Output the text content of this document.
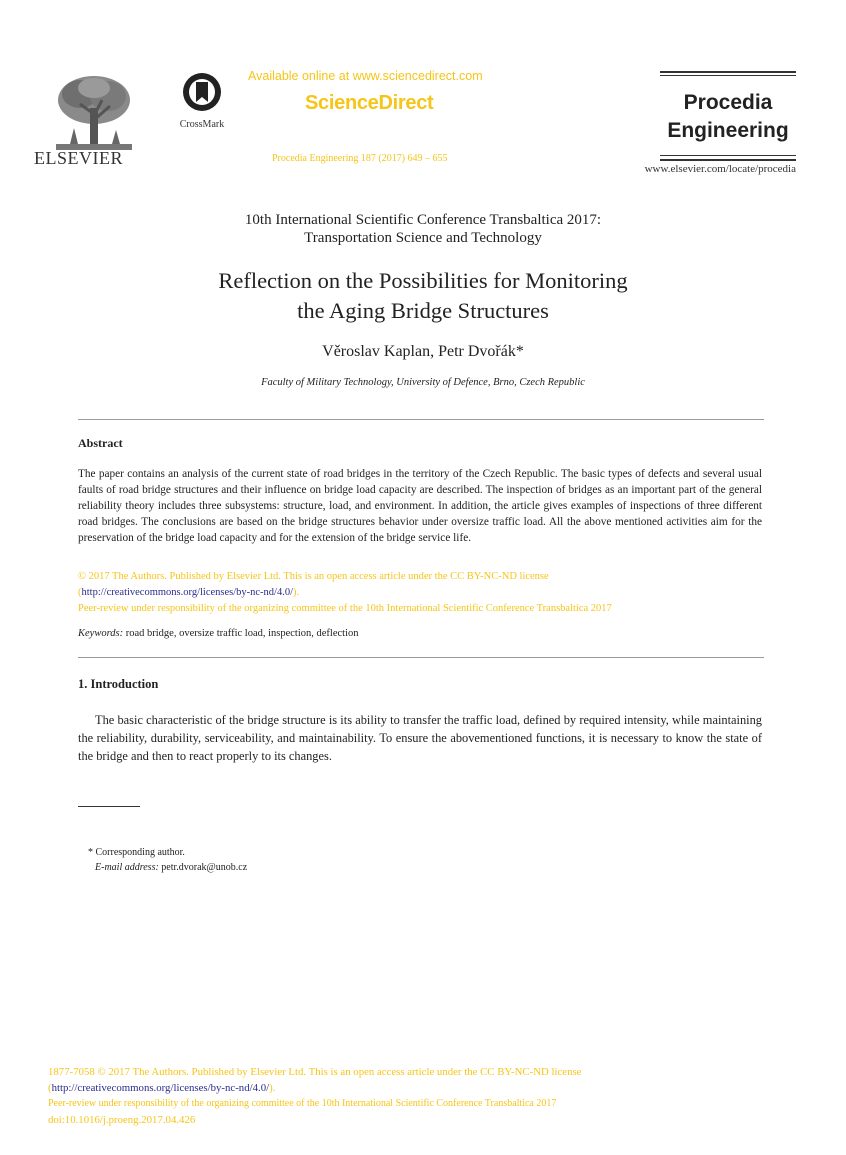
ELSEVIER
CrossMark
Available online at www.sciencedirect.com
ScienceDirect
Procedia Engineering 187 (2017) 649 – 655
Procedia
Engineering
www.elsevier.com/locate/procedia
10th International Scientific Conference Transbaltica 2017:
Transportation Science and Technology
Reflection on the Possibilities for Monitoring
the Aging Bridge Structures
Věroslav Kaplan, Petr Dvořák*
Faculty of Military Technology, University of Defence, Brno, Czech Republic
Abstract
The paper contains an analysis of the current state of road bridges in the territory of the Czech Republic. The basic types of defects and several usual faults of road bridge structures and their influence on bridge load capacity are described. The inspection of bridges as an important part of the general reliability theory includes three subsystems: structure, load, and environment. In addition, the article gives examples of inspections of three different road bridges. The conclusions are based on the bridge structures behavior under oversize traffic load. All the above mentioned activities aim for the preservation of the bridge load capacity and for the extension of the bridge service life.
© 2017 The Authors. Published by Elsevier Ltd. This is an open access article under the CC BY-NC-ND license
(http://creativecommons.org/licenses/by-nc-nd/4.0/).
Peer-review under responsibility of the organizing committee of the 10th International Scientific Conference Transbaltica 2017
Keywords: road bridge, oversize traffic load, inspection, deflection
1. Introduction
The basic characteristic of the bridge structure is its ability to transfer the traffic load, defined by required intensity, while maintaining the reliability, durability, serviceability, and maintainability. To ensure the abovementioned functions, it is necessary to know the state of the bridge and then to react properly to its changes.
* Corresponding author.
E-mail address: petr.dvorak@unob.cz
1877-7058 © 2017 The Authors. Published by Elsevier Ltd. This is an open access article under the CC BY-NC-ND license
(http://creativecommons.org/licenses/by-nc-nd/4.0/).
Peer-review under responsibility of the organizing committee of the 10th International Scientific Conference Transbaltica 2017
doi:10.1016/j.proeng.2017.04.426
